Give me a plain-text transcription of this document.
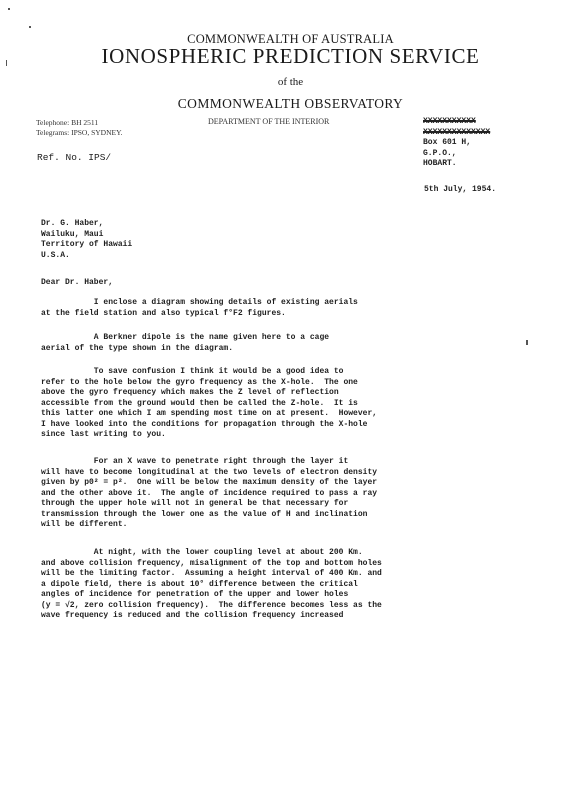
COMMONWEALTH OF AUSTRALIA
IONOSPHERIC PREDICTION SERVICE
of the
COMMONWEALTH OBSERVATORY
Telephone: BH 2511
Telegrams: IPSO, SYDNEY.
DEPARTMENT OF THE INTERIOR	XXXXXXXXXXX
XXXXXXXXXXXXXX
Box 601 H,
G.P.O.,
HOBART.
Ref. No. IPS/
5th July, 1954.
Dr. G. Haber,
Wailuku, Maui
Territory of Hawaii
U.S.A.
Dear Dr. Haber,
I enclose a diagram showing details of existing aerials
at the field station and also typical f°F2 figures.
A Berkner dipole is the name given here to a cage
aerial of the type shown in the diagram.
To save confusion I think it would be a good idea to
refer to the hole below the gyro frequency as the X-hole.  The one
above the gyro frequency which makes the Z level of reflection
accessible from the ground would then be called the Z-hole.  It is
this latter one which I am spending most time on at present.  However,
I have looked into the conditions for propagation through the X-hole
since last writing to you.
For an X wave to penetrate right through the layer it
will have to become longitudinal at the two levels of electron density
given by p0² = p².  One will be below the maximum density of the layer
and the other above it.  The angle of incidence required to pass a ray
through the upper hole will not in general be that necessary for
transmission through the lower one as the value of H and inclination
will be different.
At night, with the lower coupling level at about 200 Km.
and above collision frequency, misalignment of the top and bottom holes
will be the limiting factor.  Assuming a height interval of 400 Km. and
a dipole field, there is about 10° difference between the critical
angles of incidence for penetration of the upper and lower holes
(y = √2, zero collision frequency).  The difference becomes less as the
wave frequency is reduced and the collision frequency increased
